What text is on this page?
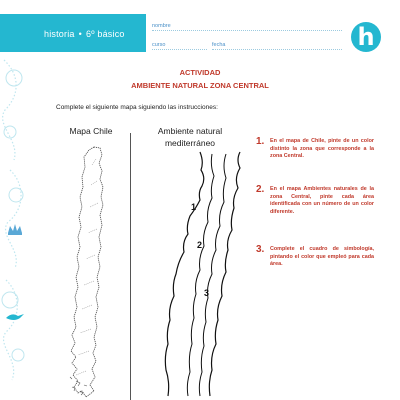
historia • 6º básico
nombre
curso	fecha	h
ACTIVIDAD
AMBIENTE NATURAL ZONA CENTRAL
Complete el siguiente mapa siguiendo las instrucciones:
Mapa Chile	Ambiente natural
mediterráneo
1
2
3
1. En el mapa de Chile, pinte de un color distinto la zona que corresponde a la zona Central.
2. En el mapa Ambientes naturales de la zona Central, pinte cada área identificada con un número de un color diferente.
3. Complete el cuadro de simbología, pintando el color que empleó para cada área.
